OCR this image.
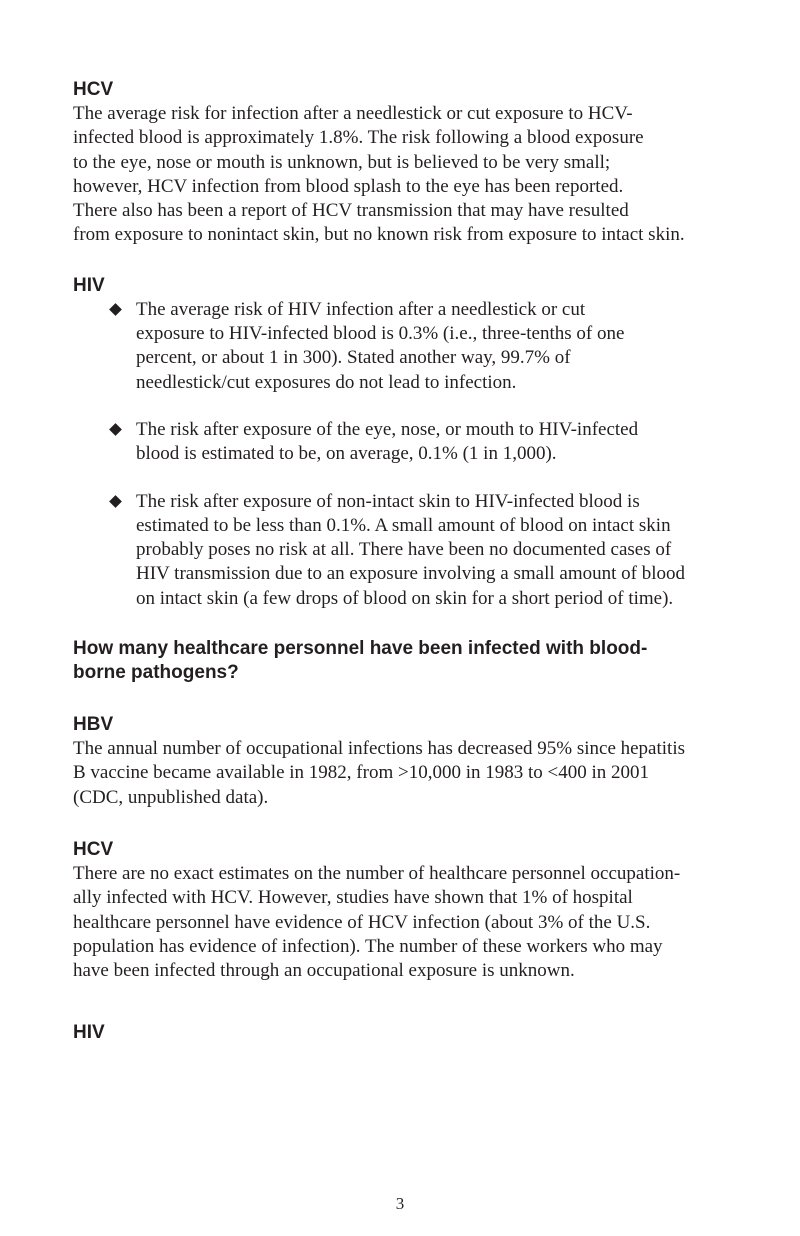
HCV

The average risk for infection after a needlestick or cut exposure to HCV-
infected blood is approximately 1.8%. The risk following a blood exposure
to the eye, nose or mouth is unknown, but is believed to be very small;
however, HCV infection from blood splash to the eye has been reported.
There also has been a report of HCV transmission that may have resulted
from exposure to nonintact skin, but no known risk from exposure to intact skin.

HIV
The average risk of HIV infection after a needlestick or cut
exposure to HIV-infected blood is 0.3% (i.e., three-tenths of one
percent, or about 1 in 300). Stated another way, 99.7% of
needlestick/cut exposures do not lead to infection.
The risk after exposure of the eye, nose, or mouth to HIV-infected
blood is estimated to be, on average, 0.1% (1 in 1,000).
The risk after exposure of non-intact skin to HIV-infected blood is
estimated to be less than 0.1%. A small amount of blood on intact skin
probably poses no risk at all. There have been no documented cases of
HIV transmission due to an exposure involving a small amount of blood
on intact skin (a few drops of blood on skin for a short period of time).
How many healthcare personnel have been infected with blood-
borne pathogens?
HBV

The annual number of occupational infections has decreased 95% since hepatitis
B vaccine became available in 1982, from >10,000 in 1983 to <400 in 2001
(CDC, unpublished data).

HCV

There are no exact estimates on the number of healthcare personnel occupation-
ally infected with HCV. However, studies have shown that 1% of hospital
healthcare personnel have evidence of HCV infection (about 3% of the U.S.
population has evidence of infection). The number of these workers who may
have been infected through an occupational exposure is unknown.

HIV
3
